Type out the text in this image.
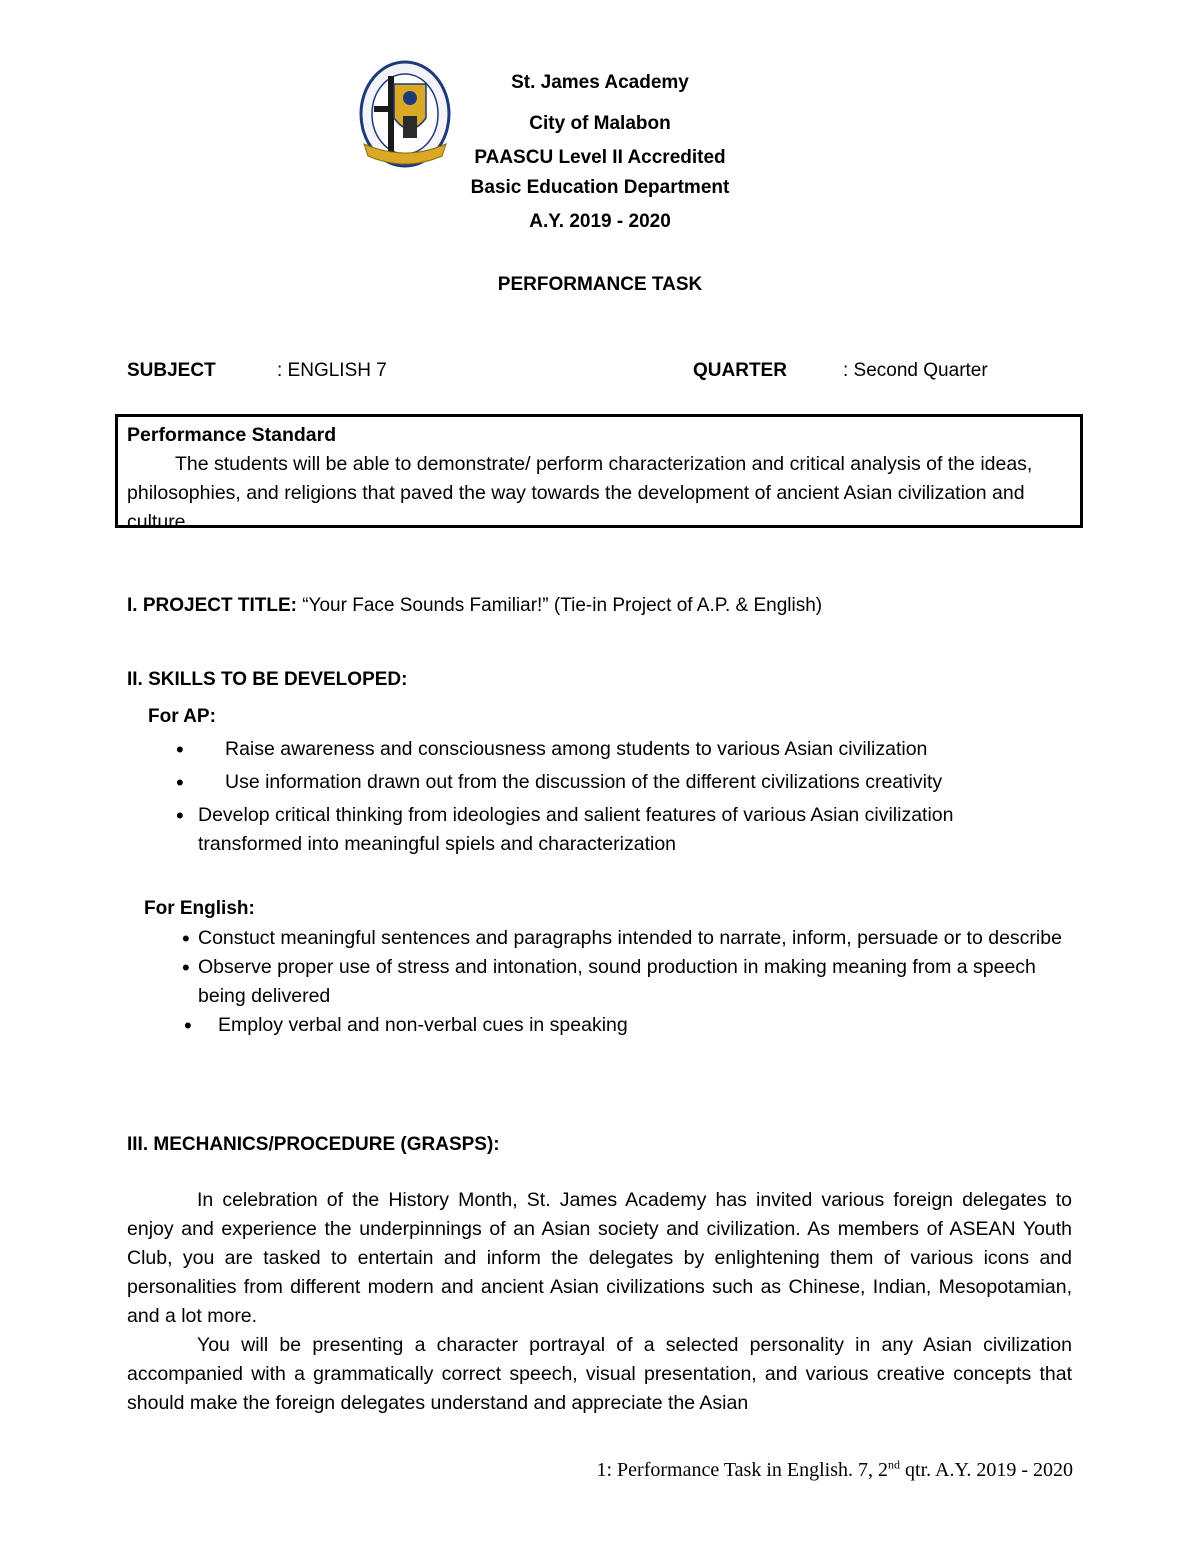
St. James Academy
City of Malabon
PAASCU Level II Accredited
Basic Education Department
A.Y. 2019 - 2020
PERFORMANCE TASK
SUBJECT	: ENGLISH 7	QUARTER	: Second Quarter
Performance Standard
The students will be able to demonstrate/ perform characterization and critical analysis of the ideas, philosophies, and religions that paved the way towards the development of ancient Asian civilization and culture.
I. PROJECT TITLE: “Your Face Sounds Familiar!” (Tie-in Project of A.P. & English)
II. SKILLS TO BE DEVELOPED:
For AP:
• Raise awareness and consciousness among students to various Asian civilization
• Use information drawn out from the discussion of the different civilizations creativity
• Develop critical thinking from ideologies and salient features of various Asian civilization transformed into meaningful spiels and characterization
For English:
• Constuct meaningful sentences and paragraphs intended to narrate, inform, persuade or to describe
• Observe proper use of stress and intonation, sound production in making meaning from a speech being delivered
• Employ verbal and non-verbal cues in speaking
III. MECHANICS/PROCEDURE (GRASPS):
In celebration of the History Month, St. James Academy has invited various foreign delegates to enjoy and experience the underpinnings of an Asian society and civilization. As members of ASEAN Youth Club, you are tasked to entertain and inform the delegates by enlightening them of various icons and personalities from different modern and ancient Asian civilizations such as Chinese, Indian, Mesopotamian, and a lot more.
You will be presenting a character portrayal of a selected personality in any Asian civilization accompanied with a grammatically correct speech, visual presentation, and various creative concepts that should make the foreign delegates understand and appreciate the Asian
1: Performance Task in English. 7, 2nd qtr. A.Y. 2019 - 2020
